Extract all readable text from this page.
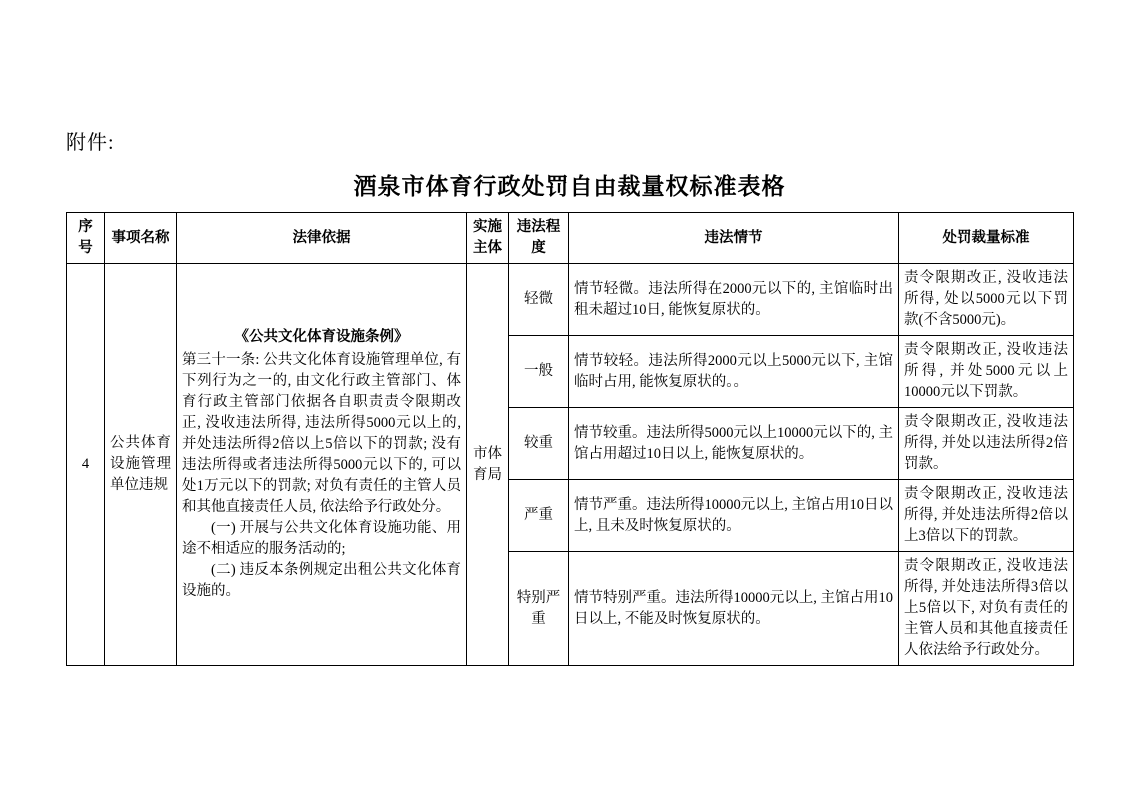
附件:
酒泉市体育行政处罚自由裁量权标准表格
序号	事项名称	法律依据	实施主体	违法程度	违法情节	处罚裁量标准
4	公共体育设施管理单位违规	《公共文化体育设施条例》

第三十一条: 公共文化体育设施管理单位, 有下列行为之一的, 由文化行政主管部门、体育行政主管部门依据各自职责责令限期改正, 没收违法所得, 违法所得5000元以上的, 并处违法所得2倍以上5倍以下的罚款; 没有违法所得或者违法所得5000元以下的, 可以处1万元以下的罚款; 对负有责任的主管人员和其他直接责任人员, 依法给予行政处分。

(一) 开展与公共文化体育设施功能、用途不相适应的服务活动的;

(二) 违反本条例规定出租公共文化体育设施的。	市体育局	轻微	情节轻微。违法所得在2000元以下的, 主馆临时出租未超过10日, 能恢复原状的。	责令限期改正, 没收违法所得, 处以5000元以下罚款(不含5000元)。
				一般	情节较轻。违法所得2000元以上5000元以下, 主馆临时占用, 能恢复原状的。。	责令限期改正, 没收违法所得, 并处5000元以上10000元以下罚款。
				较重	情节较重。违法所得5000元以上10000元以下的, 主馆占用超过10日以上, 能恢复原状的。	责令限期改正, 没收违法所得, 并处以违法所得2倍罚款。
				严重	情节严重。违法所得10000元以上, 主馆占用10日以上, 且未及时恢复原状的。	责令限期改正, 没收违法所得, 并处违法所得2倍以上3倍以下的罚款。
				特别严重	情节特别严重。违法所得10000元以上, 主馆占用10日以上, 不能及时恢复原状的。	责令限期改正, 没收违法所得, 并处违法所得3倍以上5倍以下, 对负有责任的主管人员和其他直接责任人依法给予行政处分。
